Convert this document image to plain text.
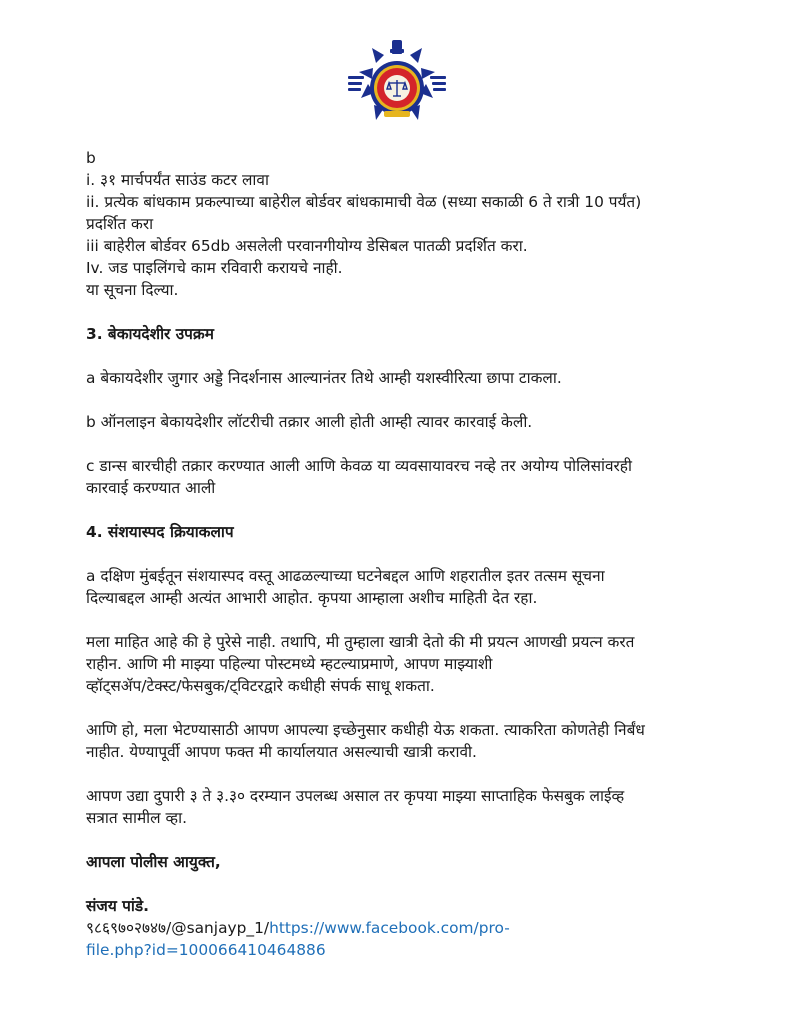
b

i. ३१ मार्चपर्यंत साउंड कटर लावा

ii. प्रत्येक बांधकाम प्रकल्पाच्या बाहेरील बोर्डवर बांधकामाची वेळ (सध्या सकाळी 6 ते रात्री 10 पर्यंत)

प्रदर्शित करा

iii बाहेरील बोर्डवर 65db असलेली परवानगीयोग्य डेसिबल पातळी प्रदर्शित करा.

Iv. जड पाइलिंगचे काम रविवारी करायचे नाही.

या सूचना दिल्या.

3. बेकायदेशीर उपक्रम

a बेकायदेशीर जुगार अड्डे निदर्शनास आल्यानंतर तिथे आम्ही यशस्वीरित्या छापा टाकला.

b ऑनलाइन बेकायदेशीर लॉटरीची तक्रार आली होती आम्ही त्यावर कारवाई केली.

c डान्स बारचीही तक्रार करण्यात आली आणि केवळ या व्यवसायावरच नव्हे तर अयोग्य पोलिसांवरही

कारवाई करण्यात आली

4. संशयास्पद क्रियाकलाप

a दक्षिण मुंबईतून संशयास्पद वस्तू आढळल्याच्या घटनेबद्दल आणि शहरातील इतर तत्सम सूचना

दिल्याबद्दल आम्ही अत्यंत आभारी आहोत. कृपया आम्हाला अशीच माहिती देत रहा.

मला माहित आहे की हे पुरेसे नाही. तथापि, मी तुम्हाला खात्री देतो की मी प्रयत्न आणखी प्रयत्न करत

राहीन. आणि मी माझ्या पहिल्या पोस्टमध्ये म्हटल्याप्रमाणे, आपण माझ्याशी

व्हॉट्सॲप/टेक्स्ट/फेसबुक/ट्विटरद्वारे कधीही संपर्क साधू शकता.

आणि हो, मला भेटण्यासाठी आपण आपल्या इच्छेनुसार कधीही येऊ शकता. त्याकरिता कोणतेही निर्बंध

नाहीत. येण्यापूर्वी आपण फक्त मी कार्यालयात असल्याची खात्री करावी.

आपण उद्या दुपारी ३ ते ३.३० दरम्यान उपलब्ध असाल तर कृपया माझ्या साप्ताहिक फेसबुक लाईव्ह

सत्रात सामील व्हा.

आपला पोलीस आयुक्त,

संजय पांडे.

९८६९७०२७४७/@sanjayp_1/https://www.facebook.com/pro-

file.php?id=100066410464886
